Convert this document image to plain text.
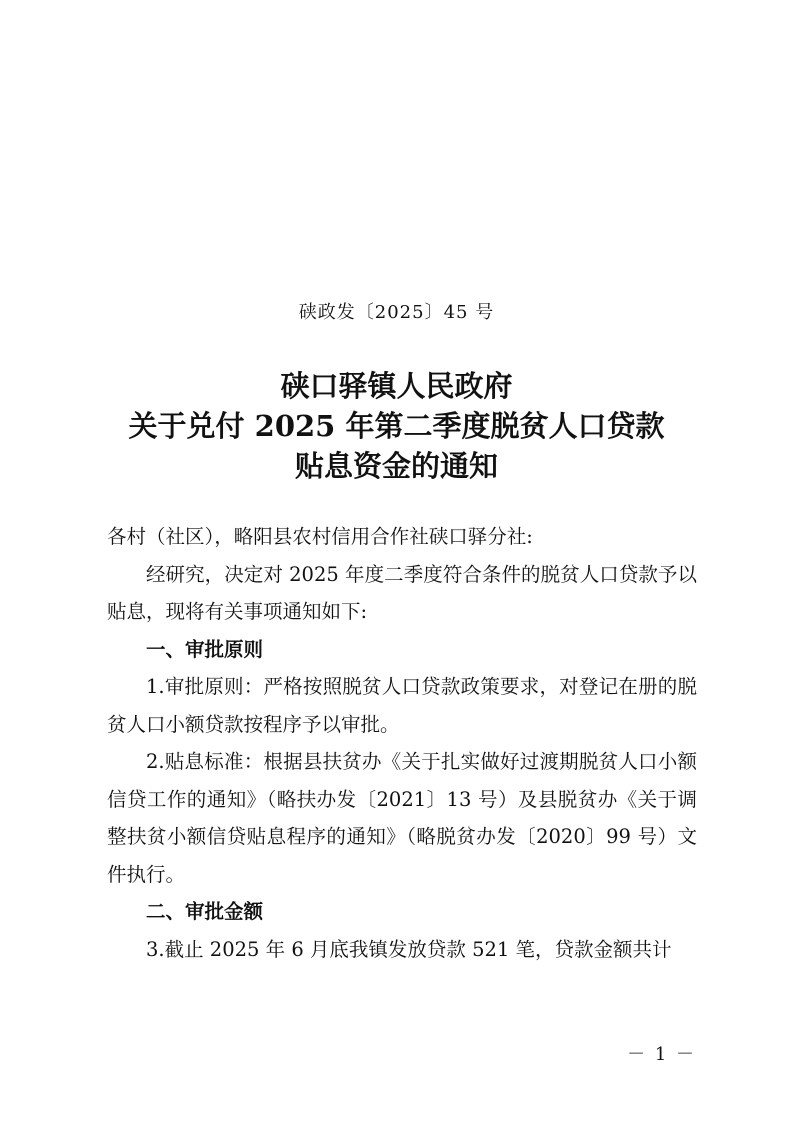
硖政发〔2025〕45 号
硖口驿镇人民政府
关于兑付 2025 年第二季度脱贫人口贷款
贴息资金的通知

各村（社区），略阳县农村信用合作社硖口驿分社:

经研究，决定对 2025 年度二季度符合条件的脱贫人口贷款予以贴息，现将有关事项通知如下:

一、审批原则

1.审批原则：严格按照脱贫人口贷款政策要求，对登记在册的脱贫人口小额贷款按程序予以审批。

2.贴息标准：根据县扶贫办《关于扎实做好过渡期脱贫人口小额信贷工作的通知》（略扶办发〔2021〕13 号）及县脱贫办《关于调整扶贫小额信贷贴息程序的通知》（略脱贫办发〔2020〕99 号）文件执行。

二、审批金额

3.截止 2025 年 6 月底我镇发放贷款 521 笔，贷款金额共计

－ 1 －
